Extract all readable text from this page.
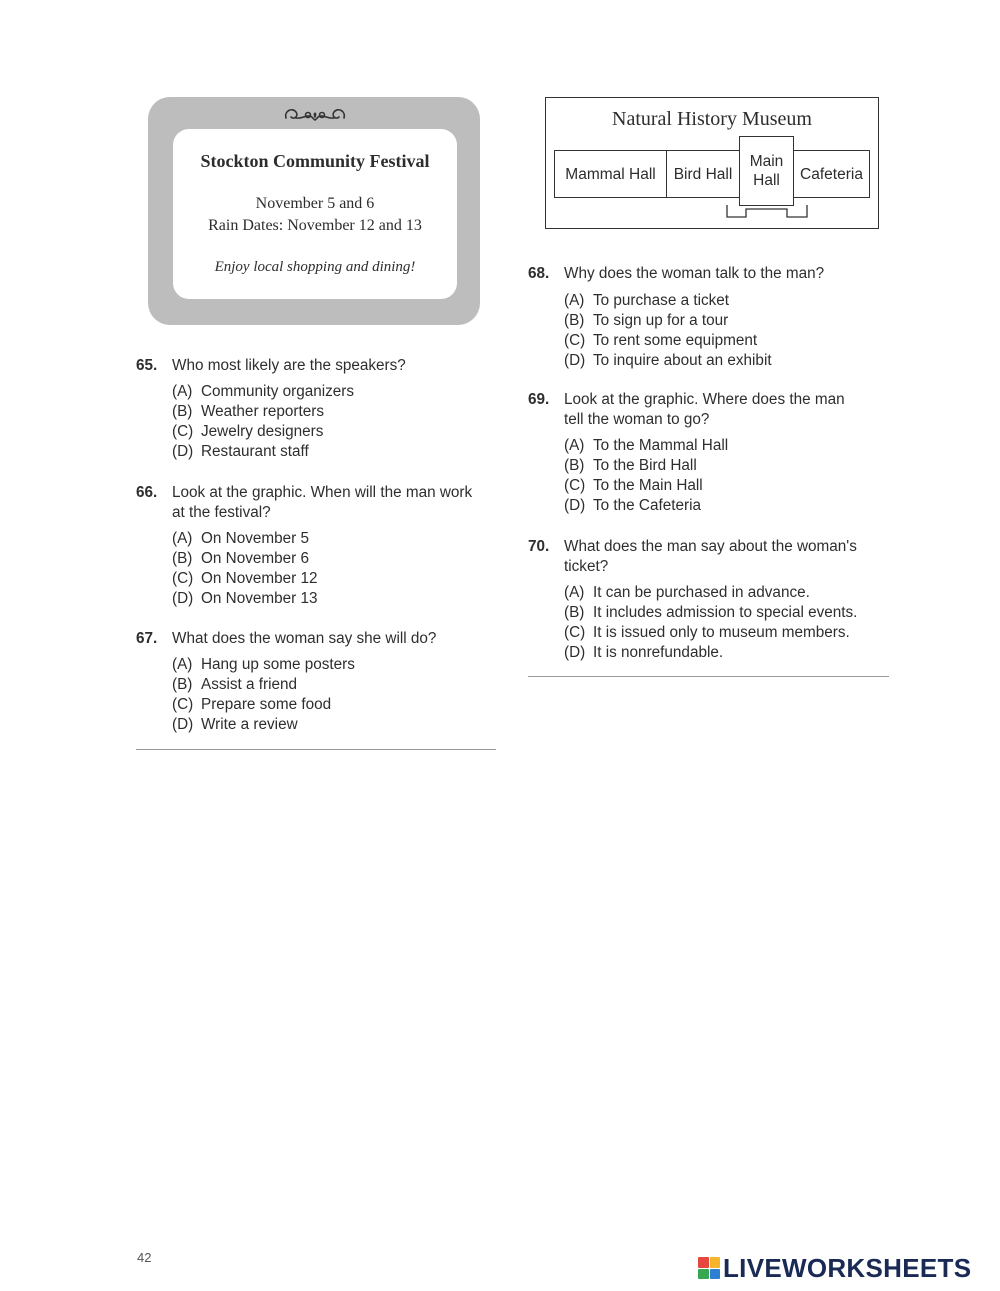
Stockton Community Festival
November 5 and 6
Rain Dates: November 12 and 13
Enjoy local shopping and dining!
Natural History Museum
Mammal Hall	Bird Hall
Main Hall	Cafeteria
65. Who most likely are the speakers?
(A) Community organizers
(B) Weather reporters
(C) Jewelry designers
(D) Restaurant staff
66. Look at the graphic. When will the man work
at the festival?
(A) On November 5
(B) On November 6
(C) On November 12
(D) On November 13
67. What does the woman say she will do?
(A) Hang up some posters
(B) Assist a friend
(C) Prepare some food
(D) Write a review
68. Why does the woman talk to the man?
(A) To purchase a ticket
(B) To sign up for a tour
(C) To rent some equipment
(D) To inquire about an exhibit
69. Look at the graphic. Where does the man
tell the woman to go?
(A) To the Mammal Hall
(B) To the Bird Hall
(C) To the Main Hall
(D) To the Cafeteria
70. What does the man say about the woman's
ticket?
(A) It can be purchased in advance.
(B) It includes admission to special events.
(C) It is issued only to museum members.
(D) It is nonrefundable.
42	LIVEWORKSHEETS
